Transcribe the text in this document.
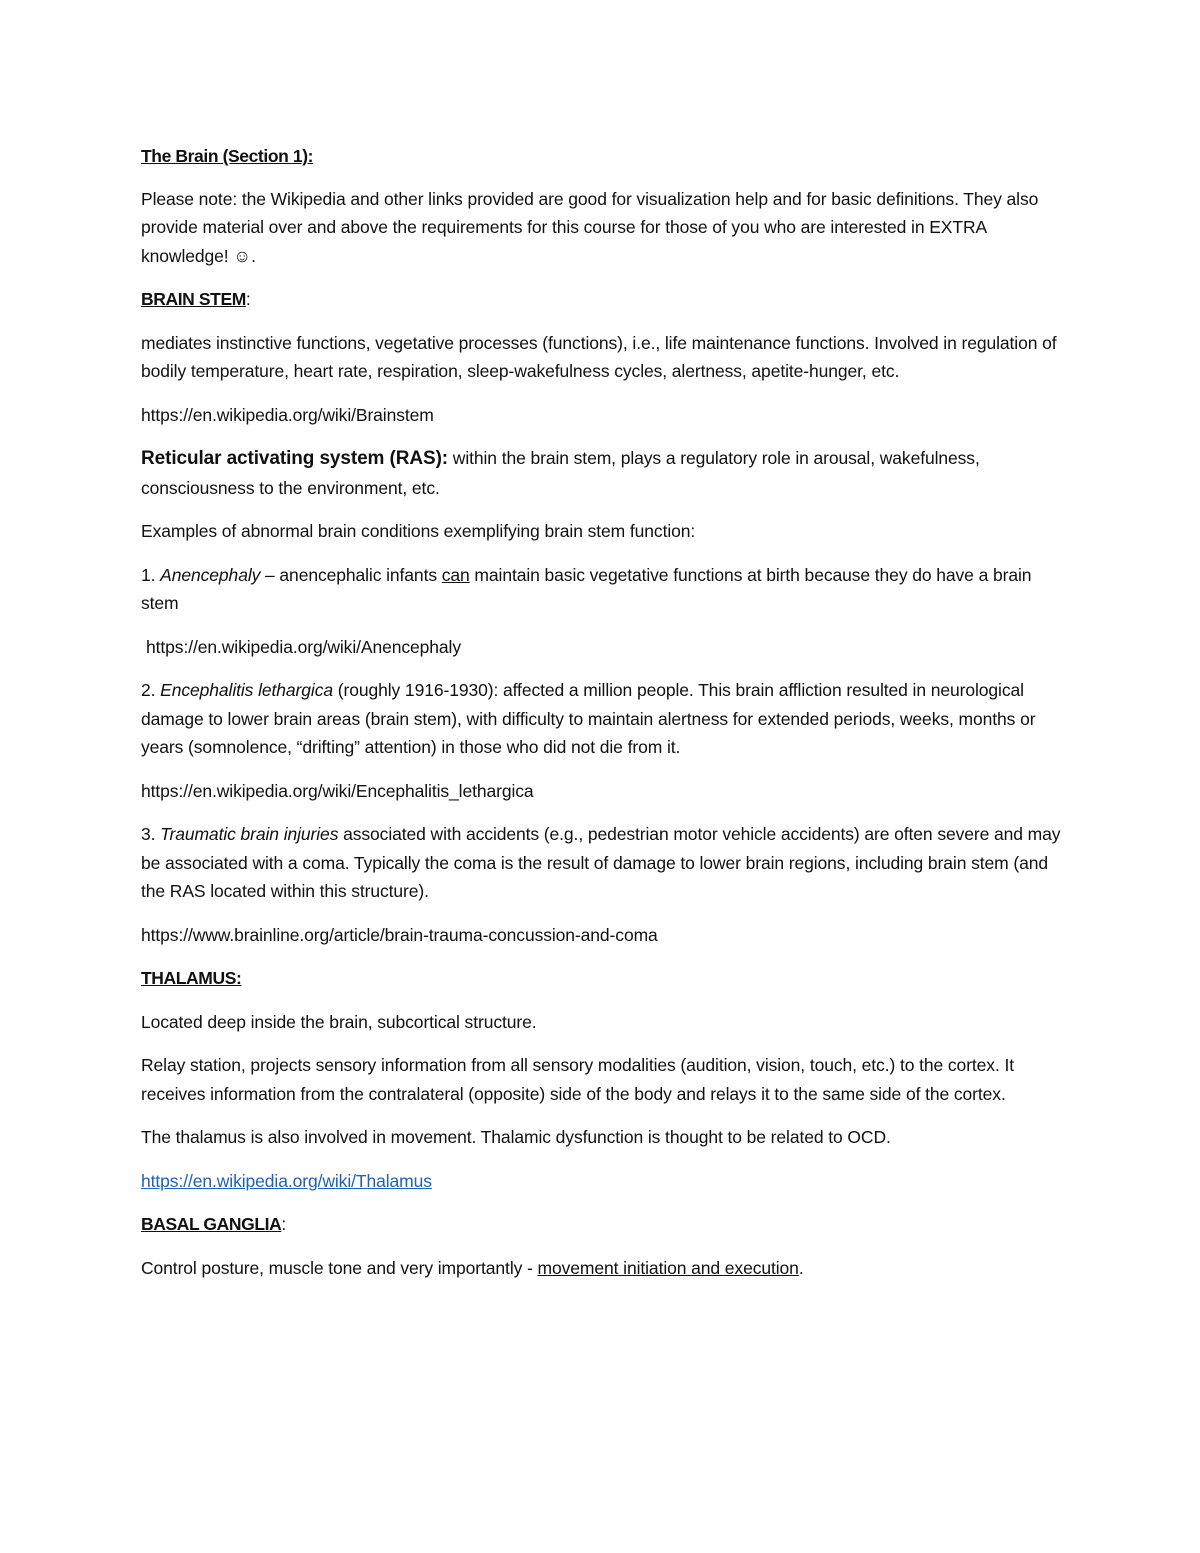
The Brain (Section 1):

Please note: the Wikipedia and other links provided are good for visualization help and for basic definitions. They also provide material over and above the requirements for this course for those of you who are interested in EXTRA knowledge! ☺.

BRAIN STEM:

mediates instinctive functions, vegetative processes (functions), i.e., life maintenance functions. Involved in regulation of bodily temperature, heart rate, respiration, sleep-wakefulness cycles, alertness, apetite-hunger, etc.

https://en.wikipedia.org/wiki/Brainstem

Reticular activating system (RAS): within the brain stem, plays a regulatory role in arousal, wakefulness, consciousness to the environment, etc.

Examples of abnormal brain conditions exemplifying brain stem function:

1. Anencephaly – anencephalic infants can maintain basic vegetative functions at birth because they do have a brain stem

https://en.wikipedia.org/wiki/Anencephaly

2. Encephalitis lethargica (roughly 1916-1930): affected a million people. This brain affliction resulted in neurological damage to lower brain areas (brain stem), with difficulty to maintain alertness for extended periods, weeks, months or years (somnolence, “drifting” attention) in those who did not die from it.

https://en.wikipedia.org/wiki/Encephalitis_lethargica

3. Traumatic brain injuries associated with accidents (e.g., pedestrian motor vehicle accidents) are often severe and may be associated with a coma. Typically the coma is the result of damage to lower brain regions, including brain stem (and the RAS located within this structure).

https://www.brainline.org/article/brain-trauma-concussion-and-coma

THALAMUS:

Located deep inside the brain, subcortical structure.

Relay station, projects sensory information from all sensory modalities (audition, vision, touch, etc.) to the cortex. It receives information from the contralateral (opposite) side of the body and relays it to the same side of the cortex.

The thalamus is also involved in movement. Thalamic dysfunction is thought to be related to OCD.

https://en.wikipedia.org/wiki/Thalamus

BASAL GANGLIA:

Control posture, muscle tone and very importantly - movement initiation and execution.
